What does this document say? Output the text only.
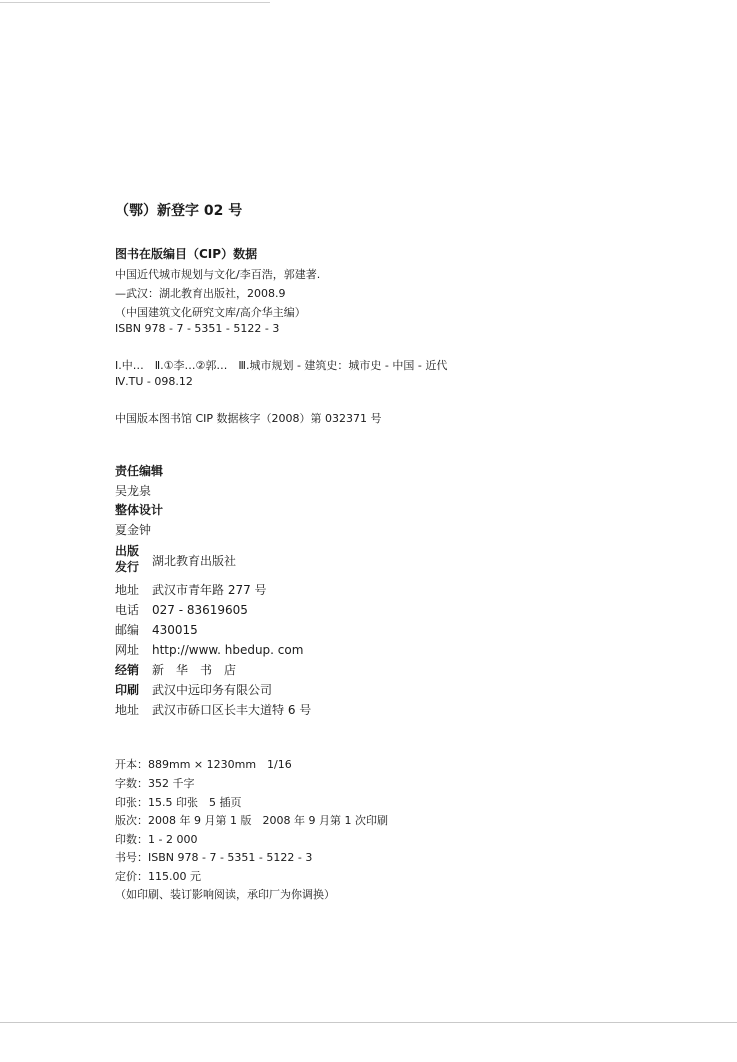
（鄂）新登字 02 号
图书在版编目（CIP）数据
中国近代城市规划与文化/李百浩，郭建著.
—武汉：湖北教育出版社，2008.9
（中国建筑文化研究文库/高介华主编）
ISBN 978 - 7 - 5351 - 5122 - 3
Ⅰ.中…　Ⅱ.①李…②郭…　Ⅲ.城市规划 - 建筑史：城市史 - 中国 - 近代
Ⅳ.TU - 098.12
中国版本图书馆 CIP 数据核字（2008）第 032371 号
责任编辑
吴龙泉
整体设计
夏金钟
出版
发行 湖北教育出版社
地址 武汉市青年路 277 号
电话 027 - 83619605
邮编 430015
网址 http://www. hbedup. com
经销 新　华　书　店
印刷 武汉中远印务有限公司
地址 武汉市硚口区长丰大道特 6 号
开本：889mm × 1230mm　1/16
字数：352 千字
印张：15.5 印张　5 插页
版次：2008 年 9 月第 1 版　2008 年 9 月第 1 次印刷
印数：1 - 2 000
书号：ISBN 978 - 7 - 5351 - 5122 - 3
定价：115.00 元
（如印刷、装订影响阅读，承印厂为你调换）
